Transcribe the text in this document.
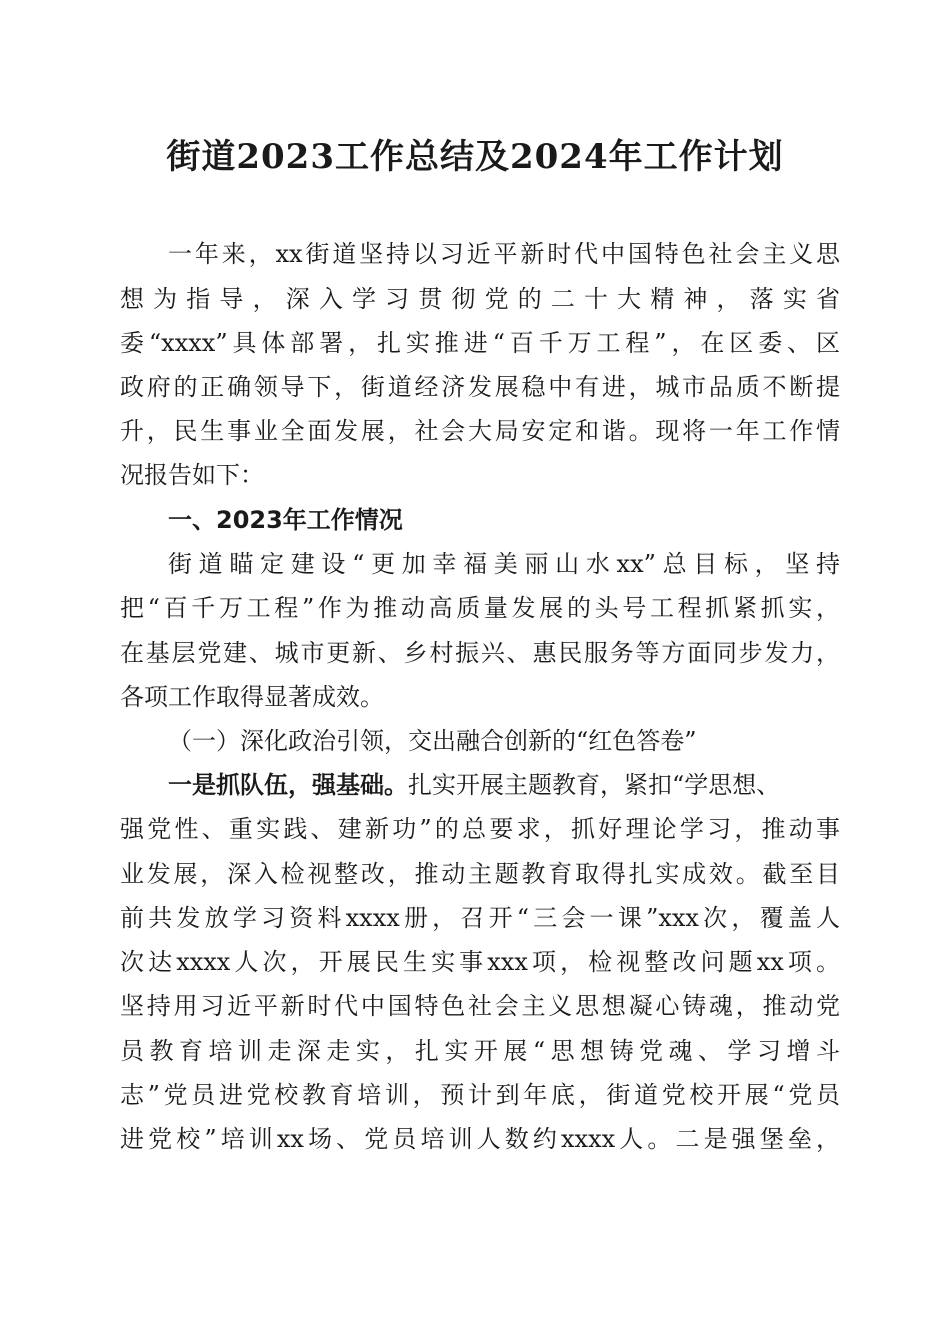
街道2023工作总结及2024年工作计划
一年来，xx街道坚持以习近平新时代中国特色社会主义思
想 为 指 导 ， 深 入 学 习 贯 彻 党 的 二 十 大 精 神 ， 落 实 省
委“xxxx”具体部署，扎实推进“百千万工程”，在区委、区
政府的正确领导下，街道经济发展稳中有进，城市品质不断提
升，民生事业全面发展，社会大局安定和谐。现将一年工作情
况报告如下：
一、2023年工作情况
街道瞄定建设“更加幸福美丽山水xx”总目标，坚持
把“百千万工程”作为推动高质量发展的头号工程抓紧抓实，
在基层党建、城市更新、乡村振兴、惠民服务等方面同步发力，
各项工作取得显著成效。
（一）深化政治引领，交出融合创新的“红色答卷”
一是抓队伍，强基础。扎实开展主题教育，紧扣“学思想、
强党性、重实践、建新功”的总要求，抓好理论学习，推动事
业发展，深入检视整改，推动主题教育取得扎实成效。截至目
前共发放学习资料xxxx册，召开“三会一课”xxx次，覆盖人
次达xxxx人次，开展民生实事xxx项，检视整改问题xx项。
坚持用习近平新时代中国特色社会主义思想凝心铸魂，推动党
员教育培训走深走实，扎实开展“思想铸党魂、学习增斗
志”党员进党校教育培训，预计到年底，街道党校开展“党员
进党校”培训xx场、党员培训人数约xxxx人。二是强堡垒，
